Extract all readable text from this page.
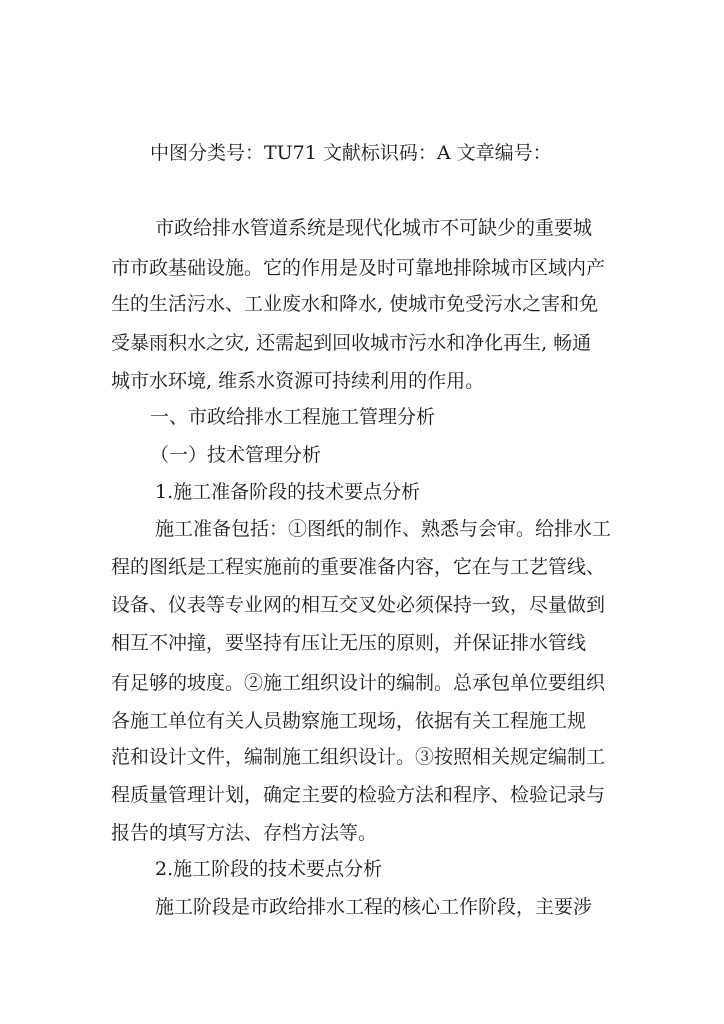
中图分类号：TU71 文献标识码：A 文章编号：
市政给排水管道系统是现代化城市不可缺少的重要城
市市政基础设施。它的作用是及时可靠地排除城市区域内产
生的生活污水、工业废水和降水, 使城市免受污水之害和免
受暴雨积水之灾, 还需起到回收城市污水和净化再生, 畅通
城市水环境, 维系水资源可持续利用的作用。
一、市政给排水工程施工管理分析
（一）技术管理分析
1.施工准备阶段的技术要点分析
施工准备包括：①图纸的制作、熟悉与会审。给排水工
程的图纸是工程实施前的重要准备内容，它在与工艺管线、
设备、仪表等专业网的相互交叉处必须保持一致，尽量做到
相互不冲撞，要坚持有压让无压的原则，并保证排水管线
有足够的坡度。②施工组织设计的编制。总承包单位要组织
各施工单位有关人员勘察施工现场，依据有关工程施工规
范和设计文件，编制施工组织设计。③按照相关规定编制工
程质量管理计划，确定主要的检验方法和程序、检验记录与
报告的填写方法、存档方法等。
2.施工阶段的技术要点分析
施工阶段是市政给排水工程的核心工作阶段，主要涉
